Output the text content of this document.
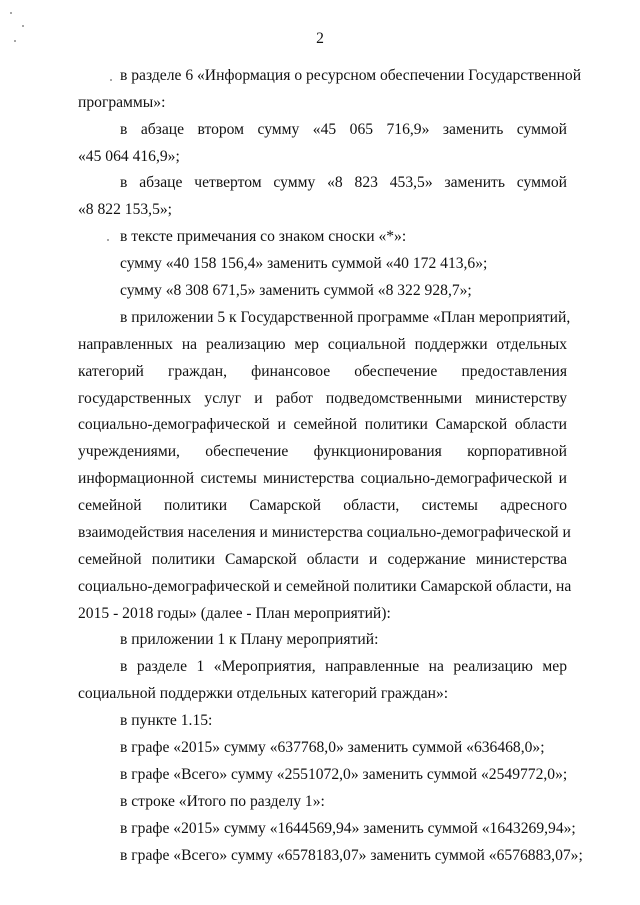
2
в разделе 6 «Информация о ресурсном обеспечении Государственной
программы»:
в абзаце втором сумму «45 065 716,9» заменить суммой
«45 064 416,9»;
в абзаце четвертом сумму «8 823 453,5» заменить суммой
«8 822 153,5»;
в тексте примечания со знаком сноски «*»:
сумму «40 158 156,4» заменить суммой «40 172 413,6»;
сумму «8 308 671,5» заменить суммой «8 322 928,7»;
в приложении 5 к Государственной программе «План мероприятий,
направленных на реализацию мер социальной поддержки отдельных
категорий граждан, финансовое обеспечение предоставления
государственных услуг и работ подведомственными министерству
социально-демографической и семейной политики Самарской области
учреждениями, обеспечение функционирования корпоративной
информационной системы министерства социально-демографической и
семейной политики Самарской области, системы адресного
взаимодействия населения и министерства социально-демографической и
семейной политики Самарской области и содержание министерства
социально-демографической и семейной политики Самарской области, на
2015 - 2018 годы» (далее - План мероприятий):
в приложении 1 к Плану мероприятий:
в разделе 1 «Мероприятия, направленные на реализацию мер
социальной поддержки отдельных категорий граждан»:
в пункте 1.15:
в графе «2015» сумму «637768,0» заменить суммой «636468,0»;
в графе «Всего» сумму «2551072,0» заменить суммой «2549772,0»;
в строке «Итого по разделу 1»:
в графе «2015» сумму «1644569,94» заменить суммой «1643269,94»;
в графе «Всего» сумму «6578183,07» заменить суммой «6576883,07»;
